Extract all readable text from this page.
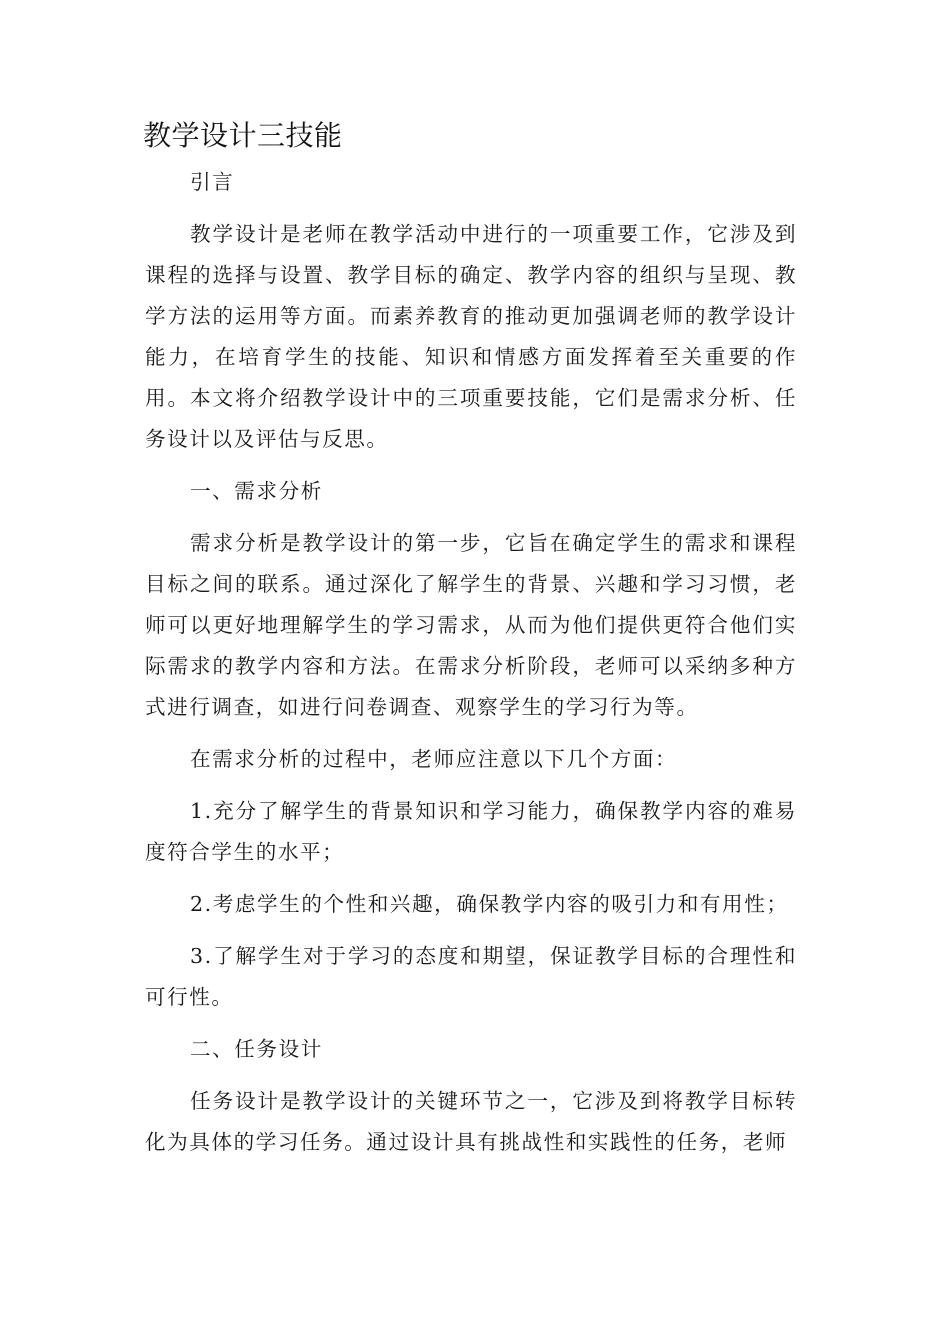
教学设计三技能

引言

教学设计是老师在教学活动中进行的一项重要工作，它涉及到课程的选择与设置、教学目标的确定、教学内容的组织与呈现、教学方法的运用等方面。而素养教育的推动更加强调老师的教学设计能力，在培育学生的技能、知识和情感方面发挥着至关重要的作用。本文将介绍教学设计中的三项重要技能，它们是需求分析、任务设计以及评估与反思。

一、需求分析

需求分析是教学设计的第一步，它旨在确定学生的需求和课程目标之间的联系。通过深化了解学生的背景、兴趣和学习习惯，老师可以更好地理解学生的学习需求，从而为他们提供更符合他们实际需求的教学内容和方法。在需求分析阶段，老师可以采纳多种方式进行调查，如进行问卷调查、观察学生的学习行为等。

在需求分析的过程中，老师应注意以下几个方面：

1.充分了解学生的背景知识和学习能力，确保教学内容的难易度符合学生的水平；

2.考虑学生的个性和兴趣，确保教学内容的吸引力和有用性；

3.了解学生对于学习的态度和期望，保证教学目标的合理性和可行性。

二、任务设计

任务设计是教学设计的关键环节之一，它涉及到将教学目标转化为具体的学习任务。通过设计具有挑战性和实践性的任务，老师
